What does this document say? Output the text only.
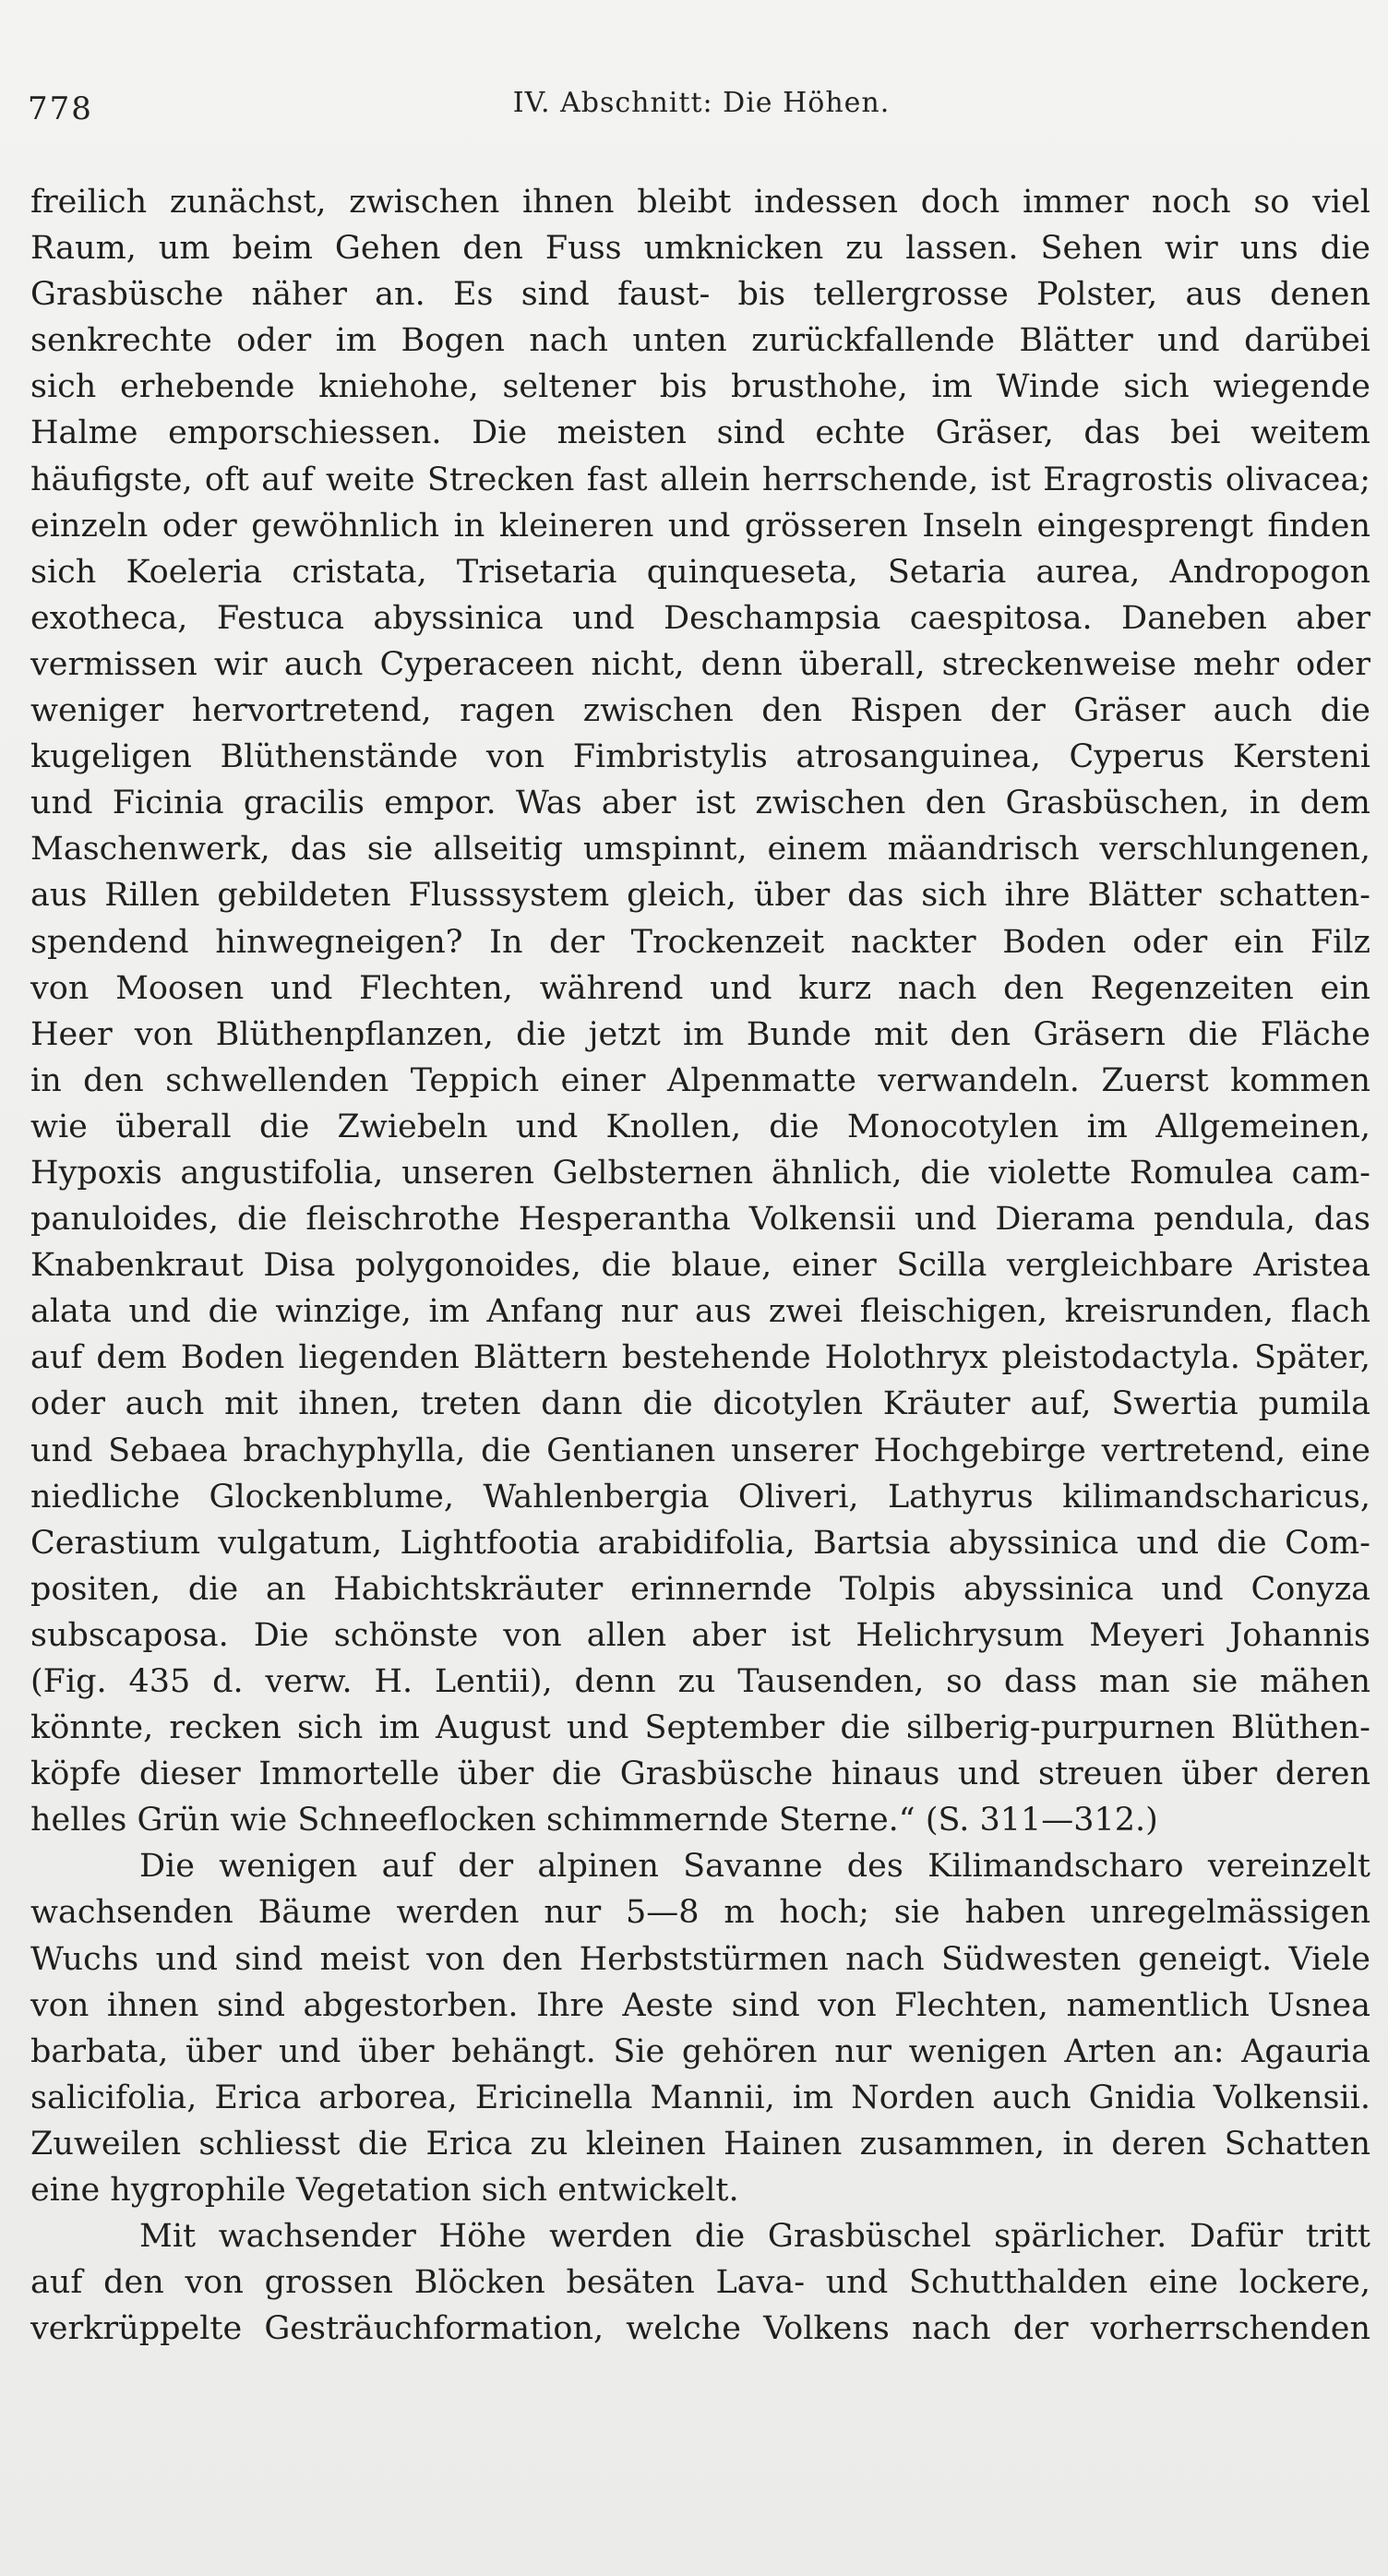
778	IV. Abschnitt: Die Höhen.
freilich zunächst, zwischen ihnen bleibt indessen doch immer noch so viel
Raum, um beim Gehen den Fuss umknicken zu lassen. Sehen wir uns die
Grasbüsche näher an. Es sind faust- bis tellergrosse Polster, aus denen
senkrechte oder im Bogen nach unten zurückfallende Blätter und darübei
sich erhebende kniehohe, seltener bis brusthohe, im Winde sich wiegende
Halme emporschiessen. Die meisten sind echte Gräser, das bei weitem
häufigste, oft auf weite Strecken fast allein herrschende, ist Eragrostis olivacea;
einzeln oder gewöhnlich in kleineren und grösseren Inseln eingesprengt finden
sich Koeleria cristata, Trisetaria quinqueseta, Setaria aurea, Andropogon
exotheca, Festuca abyssinica und Deschampsia caespitosa. Daneben aber
vermissen wir auch Cyperaceen nicht, denn überall, streckenweise mehr oder
weniger hervortretend, ragen zwischen den Rispen der Gräser auch die
kugeligen Blüthenstände von Fimbristylis atrosanguinea, Cyperus Kersteni
und Ficinia gracilis empor. Was aber ist zwischen den Grasbüschen, in dem
Maschenwerk, das sie allseitig umspinnt, einem mäandrisch verschlungenen,
aus Rillen gebildeten Flusssystem gleich, über das sich ihre Blätter schatten-
spendend hinwegneigen? In der Trockenzeit nackter Boden oder ein Filz
von Moosen und Flechten, während und kurz nach den Regenzeiten ein
Heer von Blüthenpflanzen, die jetzt im Bunde mit den Gräsern die Fläche
in den schwellenden Teppich einer Alpenmatte verwandeln. Zuerst kommen
wie überall die Zwiebeln und Knollen, die Monocotylen im Allgemeinen,
Hypoxis angustifolia, unseren Gelbsternen ähnlich, die violette Romulea cam-
panuloides, die fleischrothe Hesperantha Volkensii und Dierama pendula, das
Knabenkraut Disa polygonoides, die blaue, einer Scilla vergleichbare Aristea
alata und die winzige, im Anfang nur aus zwei fleischigen, kreisrunden, flach
auf dem Boden liegenden Blättern bestehende Holothryx pleistodactyla. Später,
oder auch mit ihnen, treten dann die dicotylen Kräuter auf, Swertia pumila
und Sebaea brachyphylla, die Gentianen unserer Hochgebirge vertretend, eine
niedliche Glockenblume, Wahlenbergia Oliveri, Lathyrus kilimandscharicus,
Cerastium vulgatum, Lightfootia arabidifolia, Bartsia abyssinica und die Com-
positen, die an Habichtskräuter erinnernde Tolpis abyssinica und Conyza
subscaposa. Die schönste von allen aber ist Helichrysum Meyeri Johannis
(Fig. 435 d. verw. H. Lentii), denn zu Tausenden, so dass man sie mähen
könnte, recken sich im August und September die silberig-purpurnen Blüthen-
köpfe dieser Immortelle über die Grasbüsche hinaus und streuen über deren
helles Grün wie Schneeflocken schimmernde Sterne.“ (S. 311—312.)
Die wenigen auf der alpinen Savanne des Kilimandscharo vereinzelt
wachsenden Bäume werden nur 5—8 m hoch; sie haben unregelmässigen
Wuchs und sind meist von den Herbststürmen nach Südwesten geneigt. Viele
von ihnen sind abgestorben. Ihre Aeste sind von Flechten, namentlich Usnea
barbata, über und über behängt. Sie gehören nur wenigen Arten an: Agauria
salicifolia, Erica arborea, Ericinella Mannii, im Norden auch Gnidia Volkensii.
Zuweilen schliesst die Erica zu kleinen Hainen zusammen, in deren Schatten
eine hygrophile Vegetation sich entwickelt.
Mit wachsender Höhe werden die Grasbüschel spärlicher. Dafür tritt
auf den von grossen Blöcken besäten Lava- und Schutthalden eine lockere,
verkrüppelte Gesträuchformation, welche Volkens nach der vorherrschenden
